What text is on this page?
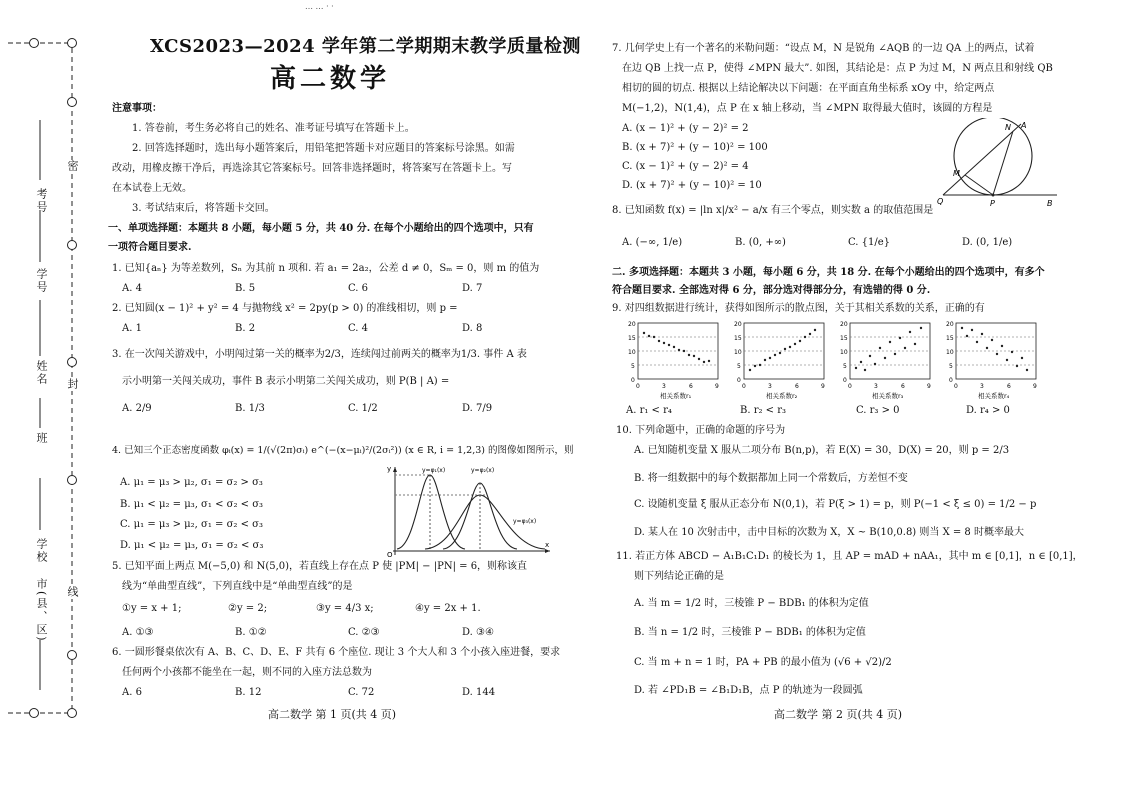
考号
学号
姓名
班
学校
市(县、区)
密
封
线
… … · ·
XCS2023—2024 学年第二学期期末教学质量检测
高二数学
注意事项：
1. 答卷前，考生务必将自己的姓名、准考证号填写在答题卡上。
2. 回答选择题时，选出每小题答案后，用铅笔把答题卡对应题目的答案标号涂黑。如需
改动，用橡皮擦干净后，再选涂其它答案标号。回答非选择题时，将答案写在答题卡上。写
在本试卷上无效。
3. 考试结束后，将答题卡交回。
一、单项选择题：本题共 8 小题，每小题 5 分，共 40 分. 在每个小题给出的四个选项中，只有
一项符合题目要求.
1. 已知{aₙ} 为等差数列，Sₙ 为其前 n 项和. 若 a₁ = 2a₂，公差 d ≠ 0，Sₘ = 0，则 m 的值为
A. 4	B. 5	C. 6	D. 7
2. 已知圆(x − 1)² + y² = 4 与抛物线 x² = 2py(p > 0) 的准线相切，则 p =
A. 1	B. 2	C. 4	D. 8
3. 在一次闯关游戏中，小明闯过第一关的概率为2/3，连续闯过前两关的概率为1/3. 事件 A 表
示小明第一关闯关成功，事件 B 表示小明第二关闯关成功，则 P(B | A) =
A. 2/9	B. 1/3	C. 1/2	D. 7/9
4. 已知三个正态密度函数 φᵢ(x) = 1/(√(2π)σᵢ) e^(−(x−μᵢ)²/(2σᵢ²)) (x ∈ R, i = 1,2,3) 的图像如图所示，则
A. μ₁ = μ₃ > μ₂, σ₁ = σ₂ > σ₃
B. μ₁ < μ₂ = μ₃, σ₁ < σ₂ < σ₃
C. μ₁ = μ₃ > μ₂, σ₁ = σ₂ < σ₃
D. μ₁ < μ₂ = μ₃, σ₁ = σ₂ < σ₃
y=φ₁(x)	y=φ₂(x)
y=φ₃(x)
y
x
O
5. 已知平面上两点 M(−5,0) 和 N(5,0)，若直线上存在点 P 使 |PM| − |PN| = 6，则称该直
线为“单曲型直线”，下列直线中是“单曲型直线”的是
①y = x + 1;	②y = 2;	③y = 4/3 x;	④y = 2x + 1.
A. ①③	B. ①②	C. ②③	D. ③④
6. 一圆形餐桌依次有 A、B、C、D、E、F 共有 6 个座位. 现让 3 个大人和 3 个小孩入座进餐，要求
任何两个小孩都不能坐在一起，则不同的入座方法总数为
A. 6	B. 12	C. 72	D. 144
高二数学 第 1 页(共 4 页)
7. 几何学史上有一个著名的米勒问题：“设点 M，N 是锐角 ∠AQB 的一边 QA 上的两点，试着
在边 QB 上找一点 P，使得 ∠MPN 最大”. 如图，其结论是：点 P 为过 M，N 两点且和射线 QB
相切的圆的切点. 根据以上结论解决以下问题：在平面直角坐标系 xOy 中，给定两点
M(−1,2)，N(1,4)，点 P 在 x 轴上移动，当 ∠MPN 取得最大值时，该圆的方程是
A. (x − 1)² + (y − 2)² = 2
B. (x + 7)² + (y − 10)² = 100
C. (x − 1)² + (y − 2)² = 4
D. (x + 7)² + (y − 10)² = 10
N A
M
Q	P	B
8. 已知函数 f(x) = |ln x|/x² − a/x 有三个零点，则实数 a 的取值范围是
A. (−∞, 1/e)	B. (0, +∞)	C. {1/e}	D. (0, 1/e)
二. 多项选择题：本题共 3 小题，每小题 6 分，共 18 分. 在每个小题给出的四个选项中，有多个
符合题目要求. 全部选对得 6 分，部分选对得部分分，有选错的得 0 分.
9. 对四组数据进行统计，获得如图所示的散点图，关于其相关系数的关系，正确的有
20
15
10
5
0
0	3	6	9
相关系数r₁
20
15
10
5
0
0	3	6	9
相关系数r₂
20
15
10
5
0
0	3	6	9
相关系数r₃
20
15
10
5
0
0	3	6	9
相关系数r₄
A. r₁ < r₄	B. r₂ < r₃	C. r₃ > 0	D. r₄ > 0
10. 下列命题中，正确的命题的序号为
A. 已知随机变量 X 服从二项分布 B(n,p)，若 E(X) = 30，D(X) = 20，则 p = 2/3
B. 将一组数据中的每个数据都加上同一个常数后，方差恒不变
C. 设随机变量 ξ 服从正态分布 N(0,1)，若 P(ξ > 1) = p，则 P(−1 < ξ ≤ 0) = 1/2 − p
D. 某人在 10 次射击中，击中目标的次数为 X，X ~ B(10,0.8) 则当 X = 8 时概率最大
11. 若正方体 ABCD − A₁B₁C₁D₁ 的棱长为 1，且 AP = mAD + nAA₁，其中 m ∈ [0,1]，n ∈ [0,1]，
则下列结论正确的是
A. 当 m = 1/2 时，三棱锥 P − BDB₁ 的体积为定值
B. 当 n = 1/2 时，三棱锥 P − BDB₁ 的体积为定值
C. 当 m + n = 1 时，PA + PB 的最小值为 (√6 + √2)/2
D. 若 ∠PD₁B = ∠B₁D₁B，点 P 的轨迹为一段圆弧
高二数学 第 2 页(共 4 页)
